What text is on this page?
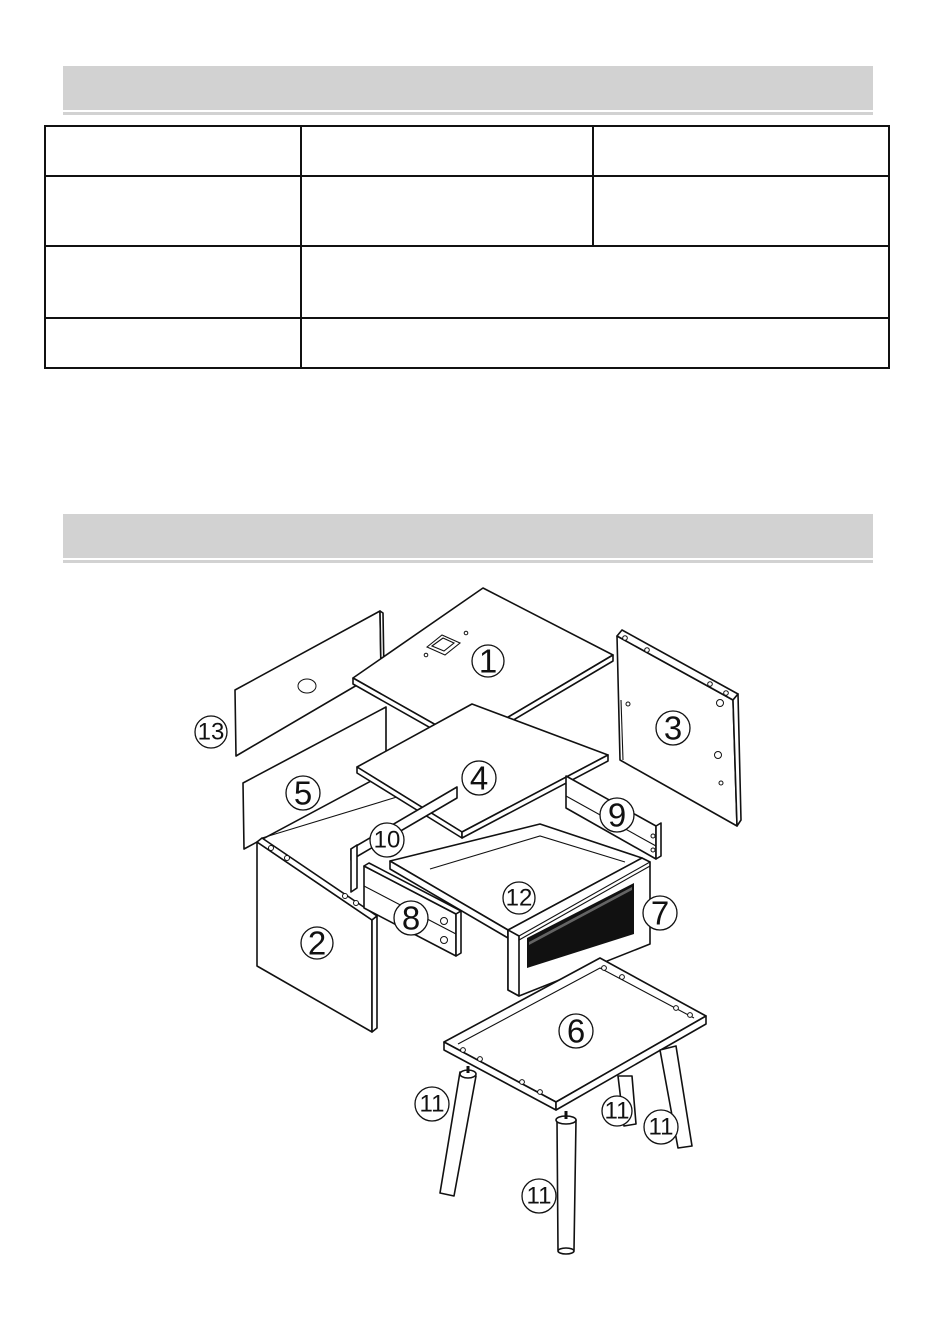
1
2
3
4
5
6
7
8
9
10
11
11
11
11
12
13
